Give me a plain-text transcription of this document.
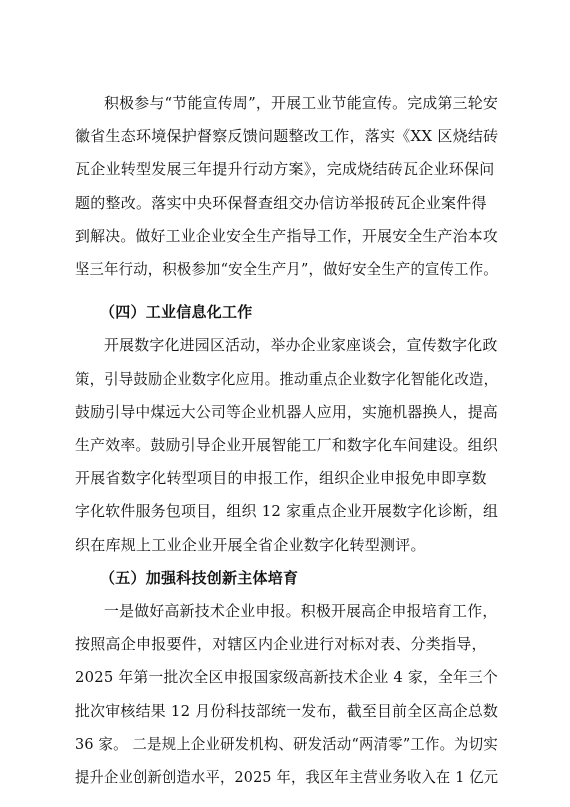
积极参与“节能宣传周”，开展工业节能宣传。完成第三轮安
徽省生态环境保护督察反馈问题整改工作，落实《XX 区烧结砖
瓦企业转型发展三年提升行动方案》，完成烧结砖瓦企业环保问
题的整改。落实中央环保督查组交办信访举报砖瓦企业案件得
到解决。做好工业企业安全生产指导工作，开展安全生产治本攻
坚三年行动，积极参加“安全生产月”，做好安全生产的宣传工作。
（四）工业信息化工作
开展数字化进园区活动，举办企业家座谈会，宣传数字化政
策，引导鼓励企业数字化应用。推动重点企业数字化智能化改造，
鼓励引导中煤远大公司等企业机器人应用，实施机器换人，提高
生产效率。鼓励引导企业开展智能工厂和数字化车间建设。组织
开展省数字化转型项目的申报工作，组织企业申报免申即享数
字化软件服务包项目，组织 12 家重点企业开展数字化诊断，组
织在库规上工业企业开展全省企业数字化转型测评。
（五）加强科技创新主体培育
一是做好高新技术企业申报。积极开展高企申报培育工作，
按照高企申报要件，对辖区内企业进行对标对表、分类指导，
2025 年第一批次全区申报国家级高新技术企业 4 家，全年三个
批次审核结果 12 月份科技部统一发布，截至目前全区高企总数
36 家。 二是规上企业研发机构、研发活动“两清零”工作。为切实
提升企业创新创造水平，2025 年，我区年主营业务收入在 1 亿元
